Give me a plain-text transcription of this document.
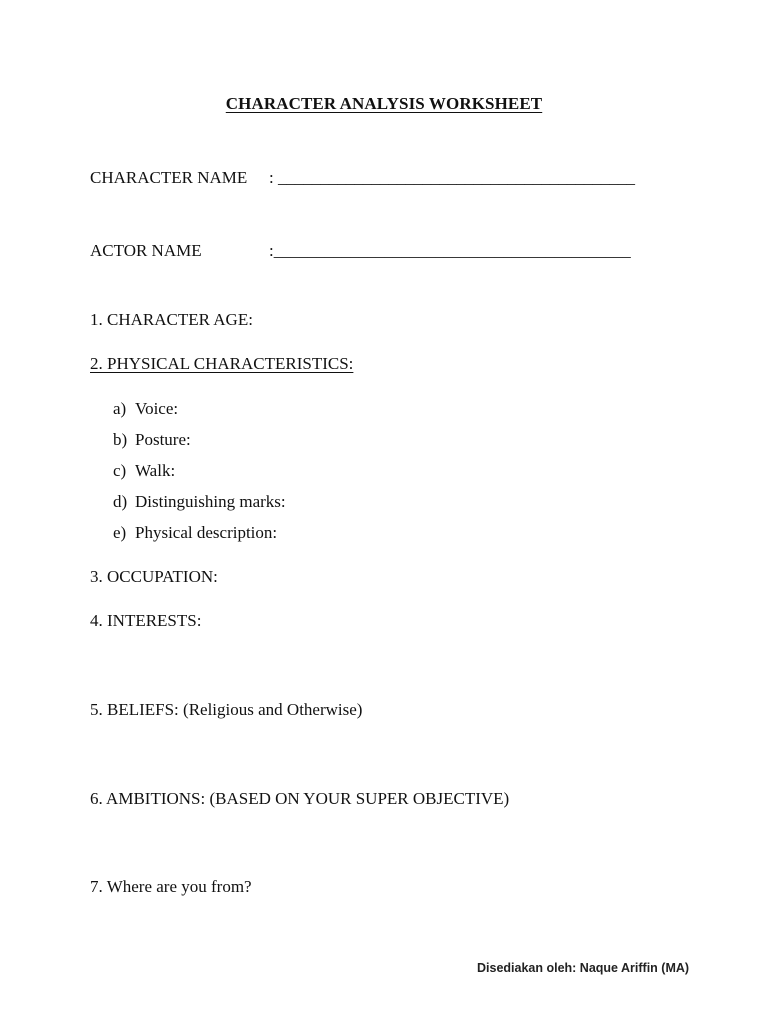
CHARACTER ANALYSIS WORKSHEET
CHARACTER NAME : __________________________________________
ACTOR NAME	:__________________________________________
1. CHARACTER AGE:
2. PHYSICAL CHARACTERISTICS:
a) Voice:
b) Posture:
c) Walk:
d) Distinguishing marks:
e) Physical description:
3. OCCUPATION:
4. INTERESTS:
5. BELIEFS: (Religious and Otherwise)
6. AMBITIONS: (BASED ON YOUR SUPER OBJECTIVE)
7. Where are you from?
Disediakan oleh: Naque Ariffin (MA)
